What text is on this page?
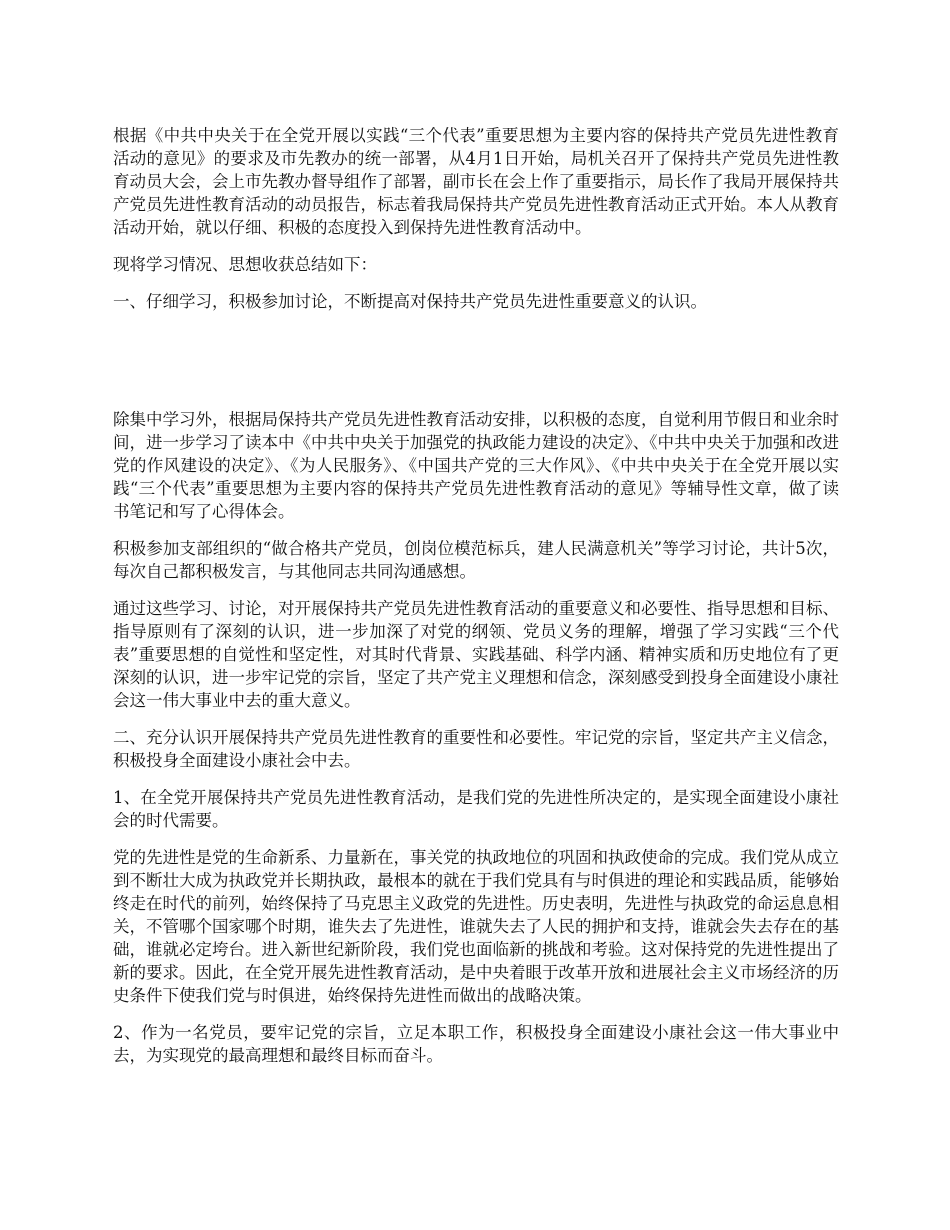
根据《中共中央关于在全党开展以实践“三个代表”重要思想为主要内容的保持共产党员先进性教育活动的意见》的要求及市先教办的统一部署，从4月1日开始，局机关召开了保持共产党员先进性教育动员大会，会上市先教办督导组作了部署，副市长在会上作了重要指示，局长作了我局开展保持共产党员先进性教育活动的动员报告，标志着我局保持共产党员先进性教育活动正式开始。本人从教育活动开始，就以仔细、积极的态度投入到保持先进性教育活动中。

现将学习情况、思想收获总结如下：

一、仔细学习，积极参加讨论，不断提高对保持共产党员先进性重要意义的认识。

除集中学习外，根据局保持共产党员先进性教育活动安排，以积极的态度，自觉利用节假日和业余时间，进一步学习了读本中《中共中央关于加强党的执政能力建设的决定》、《中共中央关于加强和改进党的作风建设的决定》、《为人民服务》、《中国共产党的三大作风》、《中共中央关于在全党开展以实践“三个代表”重要思想为主要内容的保持共产党员先进性教育活动的意见》等辅导性文章，做了读书笔记和写了心得体会。

积极参加支部组织的“做合格共产党员，创岗位模范标兵，建人民满意机关”等学习讨论，共计5次，每次自己都积极发言，与其他同志共同沟通感想。

通过这些学习、讨论，对开展保持共产党员先进性教育活动的重要意义和必要性、指导思想和目标、指导原则有了深刻的认识，进一步加深了对党的纲领、党员义务的理解，增强了学习实践“三个代表”重要思想的自觉性和坚定性，对其时代背景、实践基础、科学内涵、精神实质和历史地位有了更深刻的认识，进一步牢记党的宗旨，坚定了共产党主义理想和信念，深刻感受到投身全面建设小康社会这一伟大事业中去的重大意义。

二、充分认识开展保持共产党员先进性教育的重要性和必要性。牢记党的宗旨，坚定共产主义信念，积极投身全面建设小康社会中去。

1、在全党开展保持共产党员先进性教育活动，是我们党的先进性所决定的，是实现全面建设小康社会的时代需要。

党的先进性是党的生命新系、力量新在，事关党的执政地位的巩固和执政使命的完成。我们党从成立到不断壮大成为执政党并长期执政，最根本的就在于我们党具有与时俱进的理论和实践品质，能够始终走在时代的前列，始终保持了马克思主义政党的先进性。历史表明，先进性与执政党的命运息息相关，不管哪个国家哪个时期，谁失去了先进性，谁就失去了人民的拥护和支持，谁就会失去存在的基础，谁就必定垮台。进入新世纪新阶段，我们党也面临新的挑战和考验。这对保持党的先进性提出了新的要求。因此，在全党开展先进性教育活动，是中央着眼于改革开放和进展社会主义市场经济的历史条件下使我们党与时俱进，始终保持先进性而做出的战略决策。

2、作为一名党员，要牢记党的宗旨，立足本职工作，积极投身全面建设小康社会这一伟大事业中去，为实现党的最高理想和最终目标而奋斗。
